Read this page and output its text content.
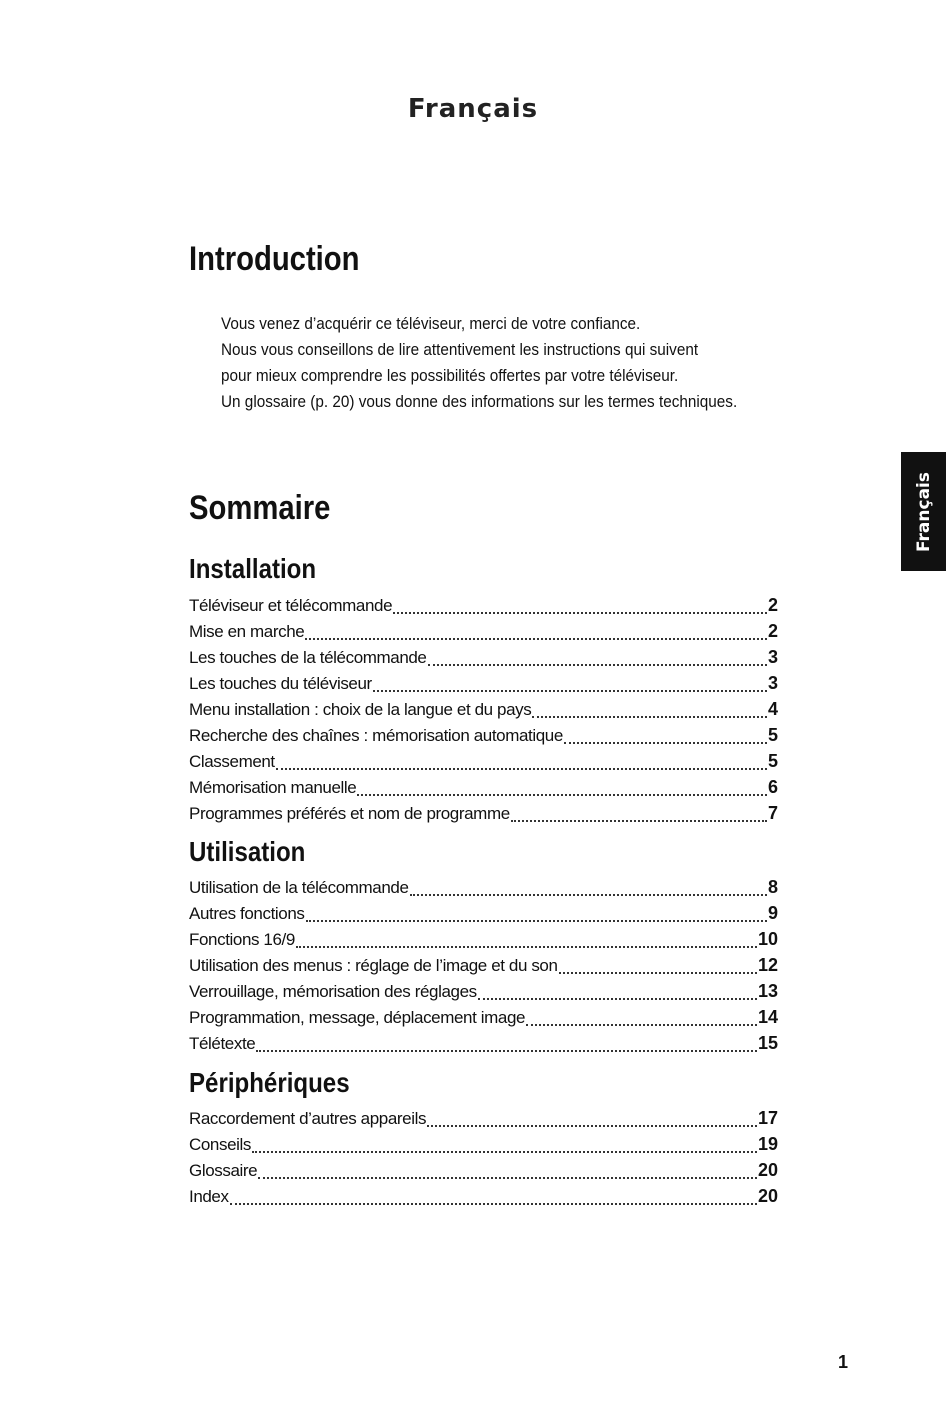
Français
Français
Introduction
Vous venez d’acquérir ce téléviseur, merci de votre confiance.
Nous vous conseillons de lire attentivement les instructions qui suivent
pour mieux comprendre les possibilités offertes par votre téléviseur.
Un glossaire (p. 20) vous donne des informations sur les termes techniques.
Sommaire
Installation
Téléviseur et télécommande	2
Mise en marche	2
Les touches de la télécommande	3
Les touches du téléviseur	3
Menu installation : choix de la langue et du pays	4
Recherche des chaînes : mémorisation automatique	5
Classement	5
Mémorisation manuelle	6
Programmes préférés et nom de programme	7
Utilisation
Utilisation de la télécommande	8
Autres fonctions	9
Fonctions 16/9	10
Utilisation des menus : réglage de l’image et du son	12
Verrouillage, mémorisation des réglages	13
Programmation, message, déplacement image	14
Télétexte	15
Périphériques
Raccordement d’autres appareils	17
Conseils	19
Glossaire	20
Index	20
1
